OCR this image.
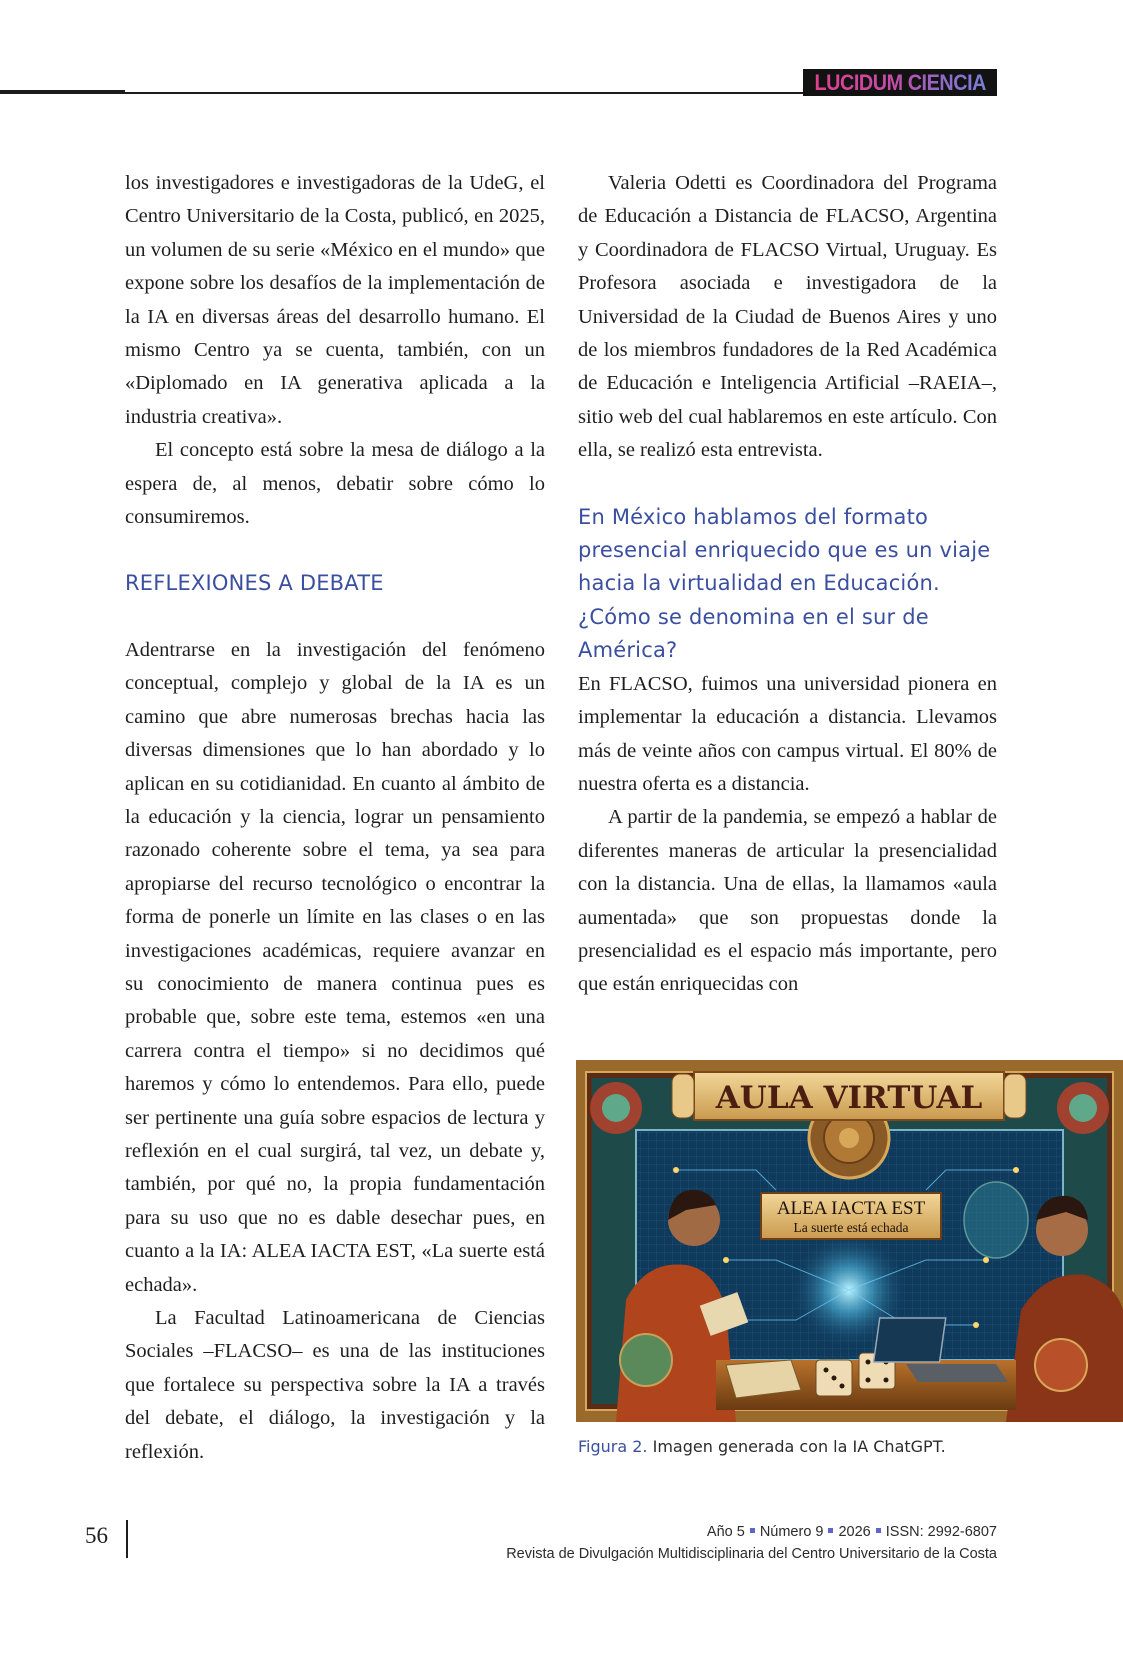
LUCIDUM CIENCIA

los investigadores e investigadoras de la UdeG, el Centro Universitario de la Costa, publicó, en 2025, un volumen de su serie «México en el mundo» que expone sobre los desafíos de la implementación de la IA en diversas áreas del desarrollo humano. El mismo Centro ya se cuenta, también, con un «Diplomado en IA generativa aplicada a la industria creativa».

El concepto está sobre la mesa de diálogo a la espera de, al menos, debatir sobre cómo lo consumiremos.

REFLEXIONES A DEBATE

Adentrarse en la investigación del fenómeno conceptual, complejo y global de la IA es un camino que abre numerosas brechas hacia las diversas dimensiones que lo han abordado y lo aplican en su cotidianidad. En cuanto al ámbito de la educación y la ciencia, lograr un pensamiento razonado coherente sobre el tema, ya sea para apropiarse del recurso tecnológico o encontrar la forma de ponerle un límite en las clases o en las investigaciones académicas, requiere avanzar en su conocimiento de manera continua pues es probable que, sobre este tema, estemos «en una carrera contra el tiempo» si no decidimos qué haremos y cómo lo entendemos. Para ello, puede ser pertinente una guía sobre espacios de lectura y reflexión en el cual surgirá, tal vez, un debate y, también, por qué no, la propia fundamentación para su uso que no es dable desechar pues, en cuanto a la IA: ALEA IACTA EST, «La suerte está echada».

La Facultad Latinoamericana de Ciencias Sociales –FLACSO– es una de las instituciones que fortalece su perspectiva sobre la IA a través del debate, el diálogo, la investigación y la reflexión.

Valeria Odetti es Coordinadora del Programa de Educación a Distancia de FLACSO, Argentina y Coordinadora de FLACSO Virtual, Uruguay. Es Profesora asociada e investigadora de la Universidad de la Ciudad de Buenos Aires y uno de los miembros fundadores de la Red Académica de Educación e Inteligencia Artificial –RAEIA–, sitio web del cual hablaremos en este artículo. Con ella, se realizó esta entrevista.

En México hablamos del formato presencial enriquecido que es un viaje hacia la virtualidad en Educación. ¿Cómo se denomina en el sur de América?

En FLACSO, fuimos una universidad pionera en implementar la educación a distancia. Llevamos más de veinte años con campus virtual. El 80% de nuestra oferta es a distancia.

A partir de la pandemia, se empezó a hablar de diferentes maneras de articular la presencialidad con la distancia. Una de ellas, la llamamos «aula aumentada» que son propuestas donde la presencialidad es el espacio más importante, pero que están enriquecidas con

AULA VIRTUAL
ALEA IACTA EST
La suerte está echada
Figura 2. Imagen generada con la IA ChatGPT.
56	Año 5 Número 9 2026 ISSN: 2992-6807
Revista de Divulgación Multidisciplinaria del Centro Universitario de la Costa
